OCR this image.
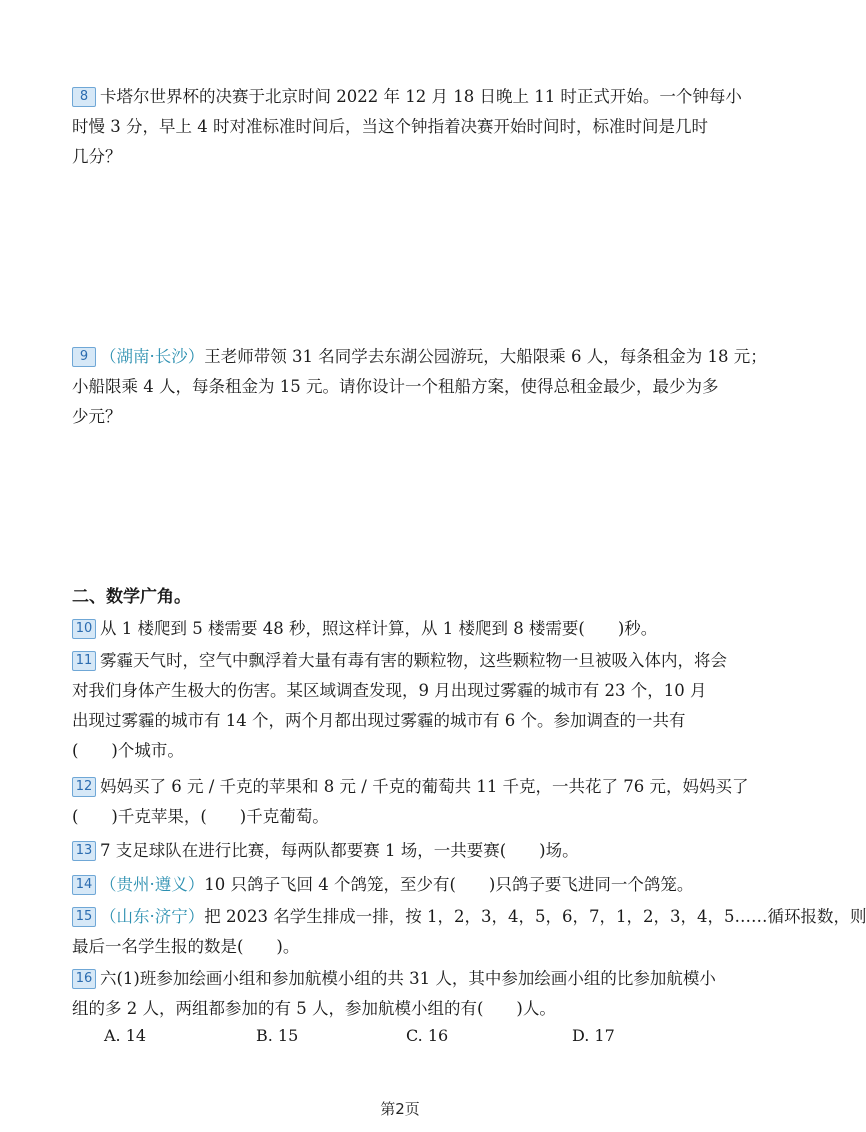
8 卡塔尔世界杯的决赛于北京时间 2022 年 12 月 18 日晚上 11 时正式开始。一个钟每小
时慢 3 分，早上 4 时对准标准时间后，当这个钟指着决赛开始时间时，标准时间是几时
几分？
9 （湖南·长沙）王老师带领 31 名同学去东湖公园游玩，大船限乘 6 人，每条租金为 18 元；
小船限乘 4 人，每条租金为 15 元。请你设计一个租船方案，使得总租金最少，最少为多
少元？
二、数学广角。
10 从 1 楼爬到 5 楼需要 48 秒，照这样计算，从 1 楼爬到 8 楼需要(　　)秒。
11 雾霾天气时，空气中飘浮着大量有毒有害的颗粒物，这些颗粒物一旦被吸入体内，将会
对我们身体产生极大的伤害。某区域调查发现，9 月出现过雾霾的城市有 23 个，10 月
出现过雾霾的城市有 14 个，两个月都出现过雾霾的城市有 6 个。参加调查的一共有
(　　)个城市。
12 妈妈买了 6 元 / 千克的苹果和 8 元 / 千克的葡萄共 11 千克，一共花了 76 元，妈妈买了
(　　)千克苹果，(　　)千克葡萄。
13 7 支足球队在进行比赛，每两队都要赛 1 场，一共要赛(　　)场。
14 （贵州·遵义）10 只鸽子飞回 4 个鸽笼，至少有(　　)只鸽子要飞进同一个鸽笼。
15 （山东·济宁）把 2023 名学生排成一排，按 1，2，3，4，5，6，7，1，2，3，4，5……循环报数，则
最后一名学生报的数是(　　)。
16 六(1)班参加绘画小组和参加航模小组的共 31 人，其中参加绘画小组的比参加航模小
组的多 2 人，两组都参加的有 5 人，参加航模小组的有(　　)人。
A. 14	B. 15	C. 16	D. 17
第2页
